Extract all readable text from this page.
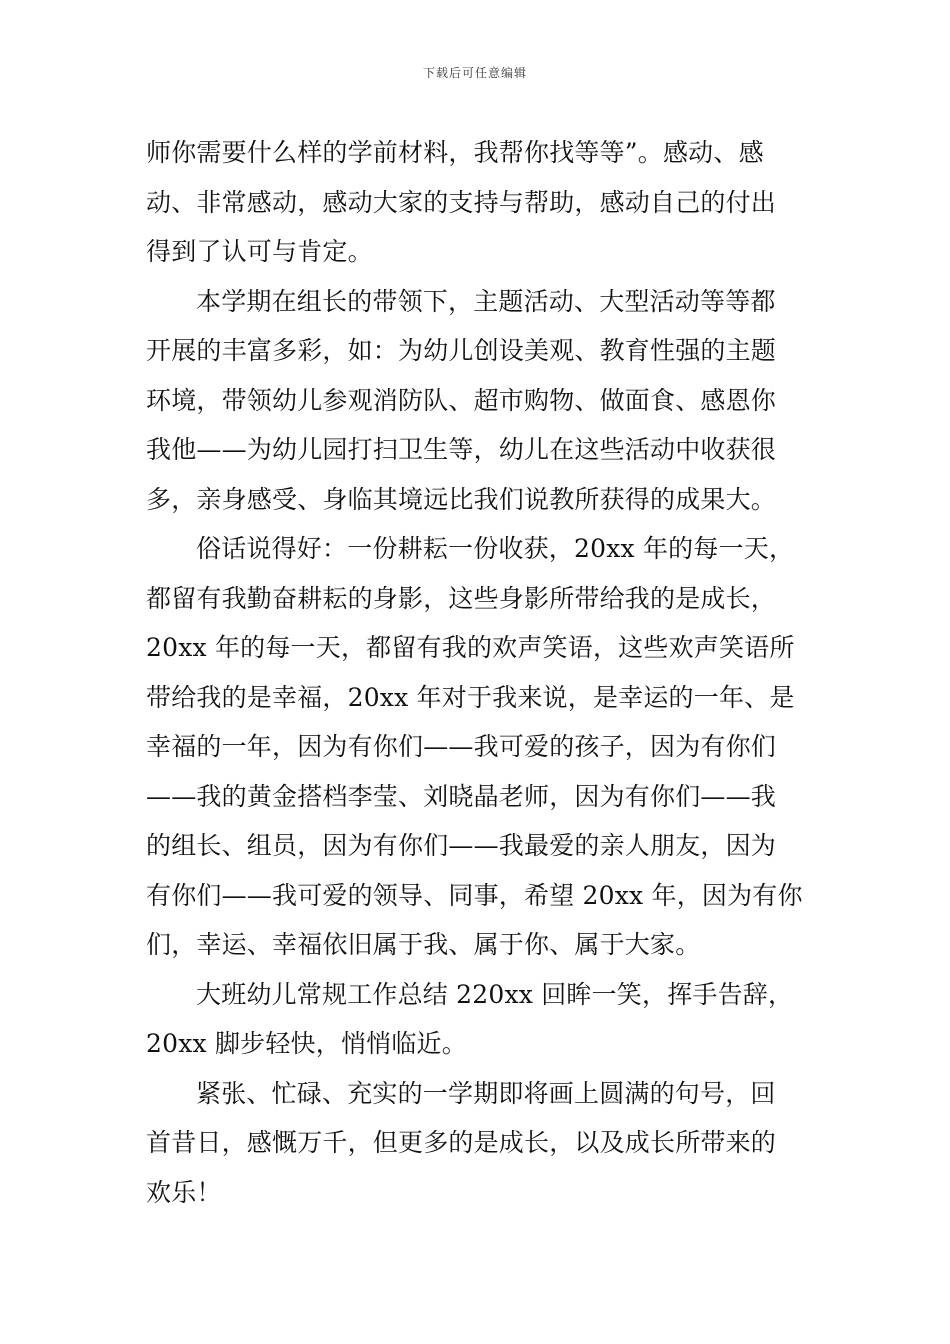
下载后可任意编辑
师你需要什么样的学前材料，我帮你找等等”。感动、感
动、非常感动，感动大家的支持与帮助，感动自己的付出
得到了认可与肯定。
本学期在组长的带领下，主题活动、大型活动等等都
开展的丰富多彩，如：为幼儿创设美观、教育性强的主题
环境，带领幼儿参观消防队、超市购物、做面食、感恩你
我他——为幼儿园打扫卫生等，幼儿在这些活动中收获很
多，亲身感受、身临其境远比我们说教所获得的成果大。
俗话说得好：一份耕耘一份收获，20xx 年的每一天，
都留有我勤奋耕耘的身影，这些身影所带给我的是成长，
20xx 年的每一天，都留有我的欢声笑语，这些欢声笑语所
带给我的是幸福，20xx 年对于我来说，是幸运的一年、是
幸福的一年，因为有你们——我可爱的孩子，因为有你们
——我的黄金搭档李莹、刘晓晶老师，因为有你们——我
的组长、组员，因为有你们——我最爱的亲人朋友，因为
有你们——我可爱的领导、同事，希望 20xx 年，因为有你
们，幸运、幸福依旧属于我、属于你、属于大家。
大班幼儿常规工作总结 220xx 回眸一笑，挥手告辞，
20xx 脚步轻快，悄悄临近。
紧张、忙碌、充实的一学期即将画上圆满的句号，回
首昔日，感慨万千，但更多的是成长，以及成长所带来的
欢乐！
